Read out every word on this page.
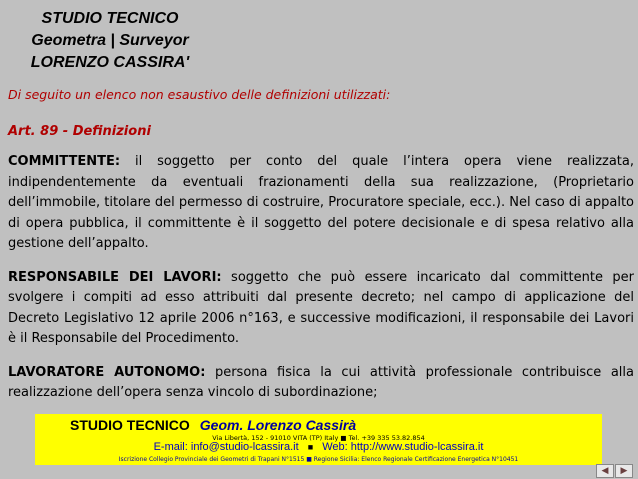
STUDIO TECNICO
Geometra | Surveyor
LORENZO CASSIRA'
Di seguito un elenco non esaustivo delle definizioni utilizzati:
Art. 89 - Definizioni

COMMITTENTE: il soggetto per conto del quale l’intera opera viene realizzata, indipendentemente da eventuali frazionamenti della sua realizzazione, (Proprietario dell’immobile, titolare del permesso di costruire, Procuratore speciale, ecc.). Nel caso di appalto di opera pubblica, il committente è il soggetto del potere decisionale e di spesa relativo alla gestione dell’appalto.

RESPONSABILE DEI LAVORI: soggetto che può essere incaricato dal committente per svolgere i compiti ad esso attribuiti dal presente decreto; nel campo di applicazione del Decreto Legislativo 12 aprile 2006 n°163, e successive modificazioni, il responsabile dei Lavori è il Responsabile del Procedimento.

LAVORATORE AUTONOMO: persona fisica la cui attività professionale contribuisce alla realizzazione dell’opera senza vincolo di subordinazione;

STUDIO TECNICO Geom. Lorenzo Cassirà
Via Libertà, 152 - 91010 VITA (TP) Italy ■ Tel. +39 335 53.82.854
E-mail: info@studio-lcassira.it ■ Web: http://www.studio-lcassira.it
Iscrizione Collegio Provinciale dei Geometri di Trapani N°1515 ■ Regione Sicilia: Elenco Regionale Certificazione Energetica N°10451
◀ ▶
